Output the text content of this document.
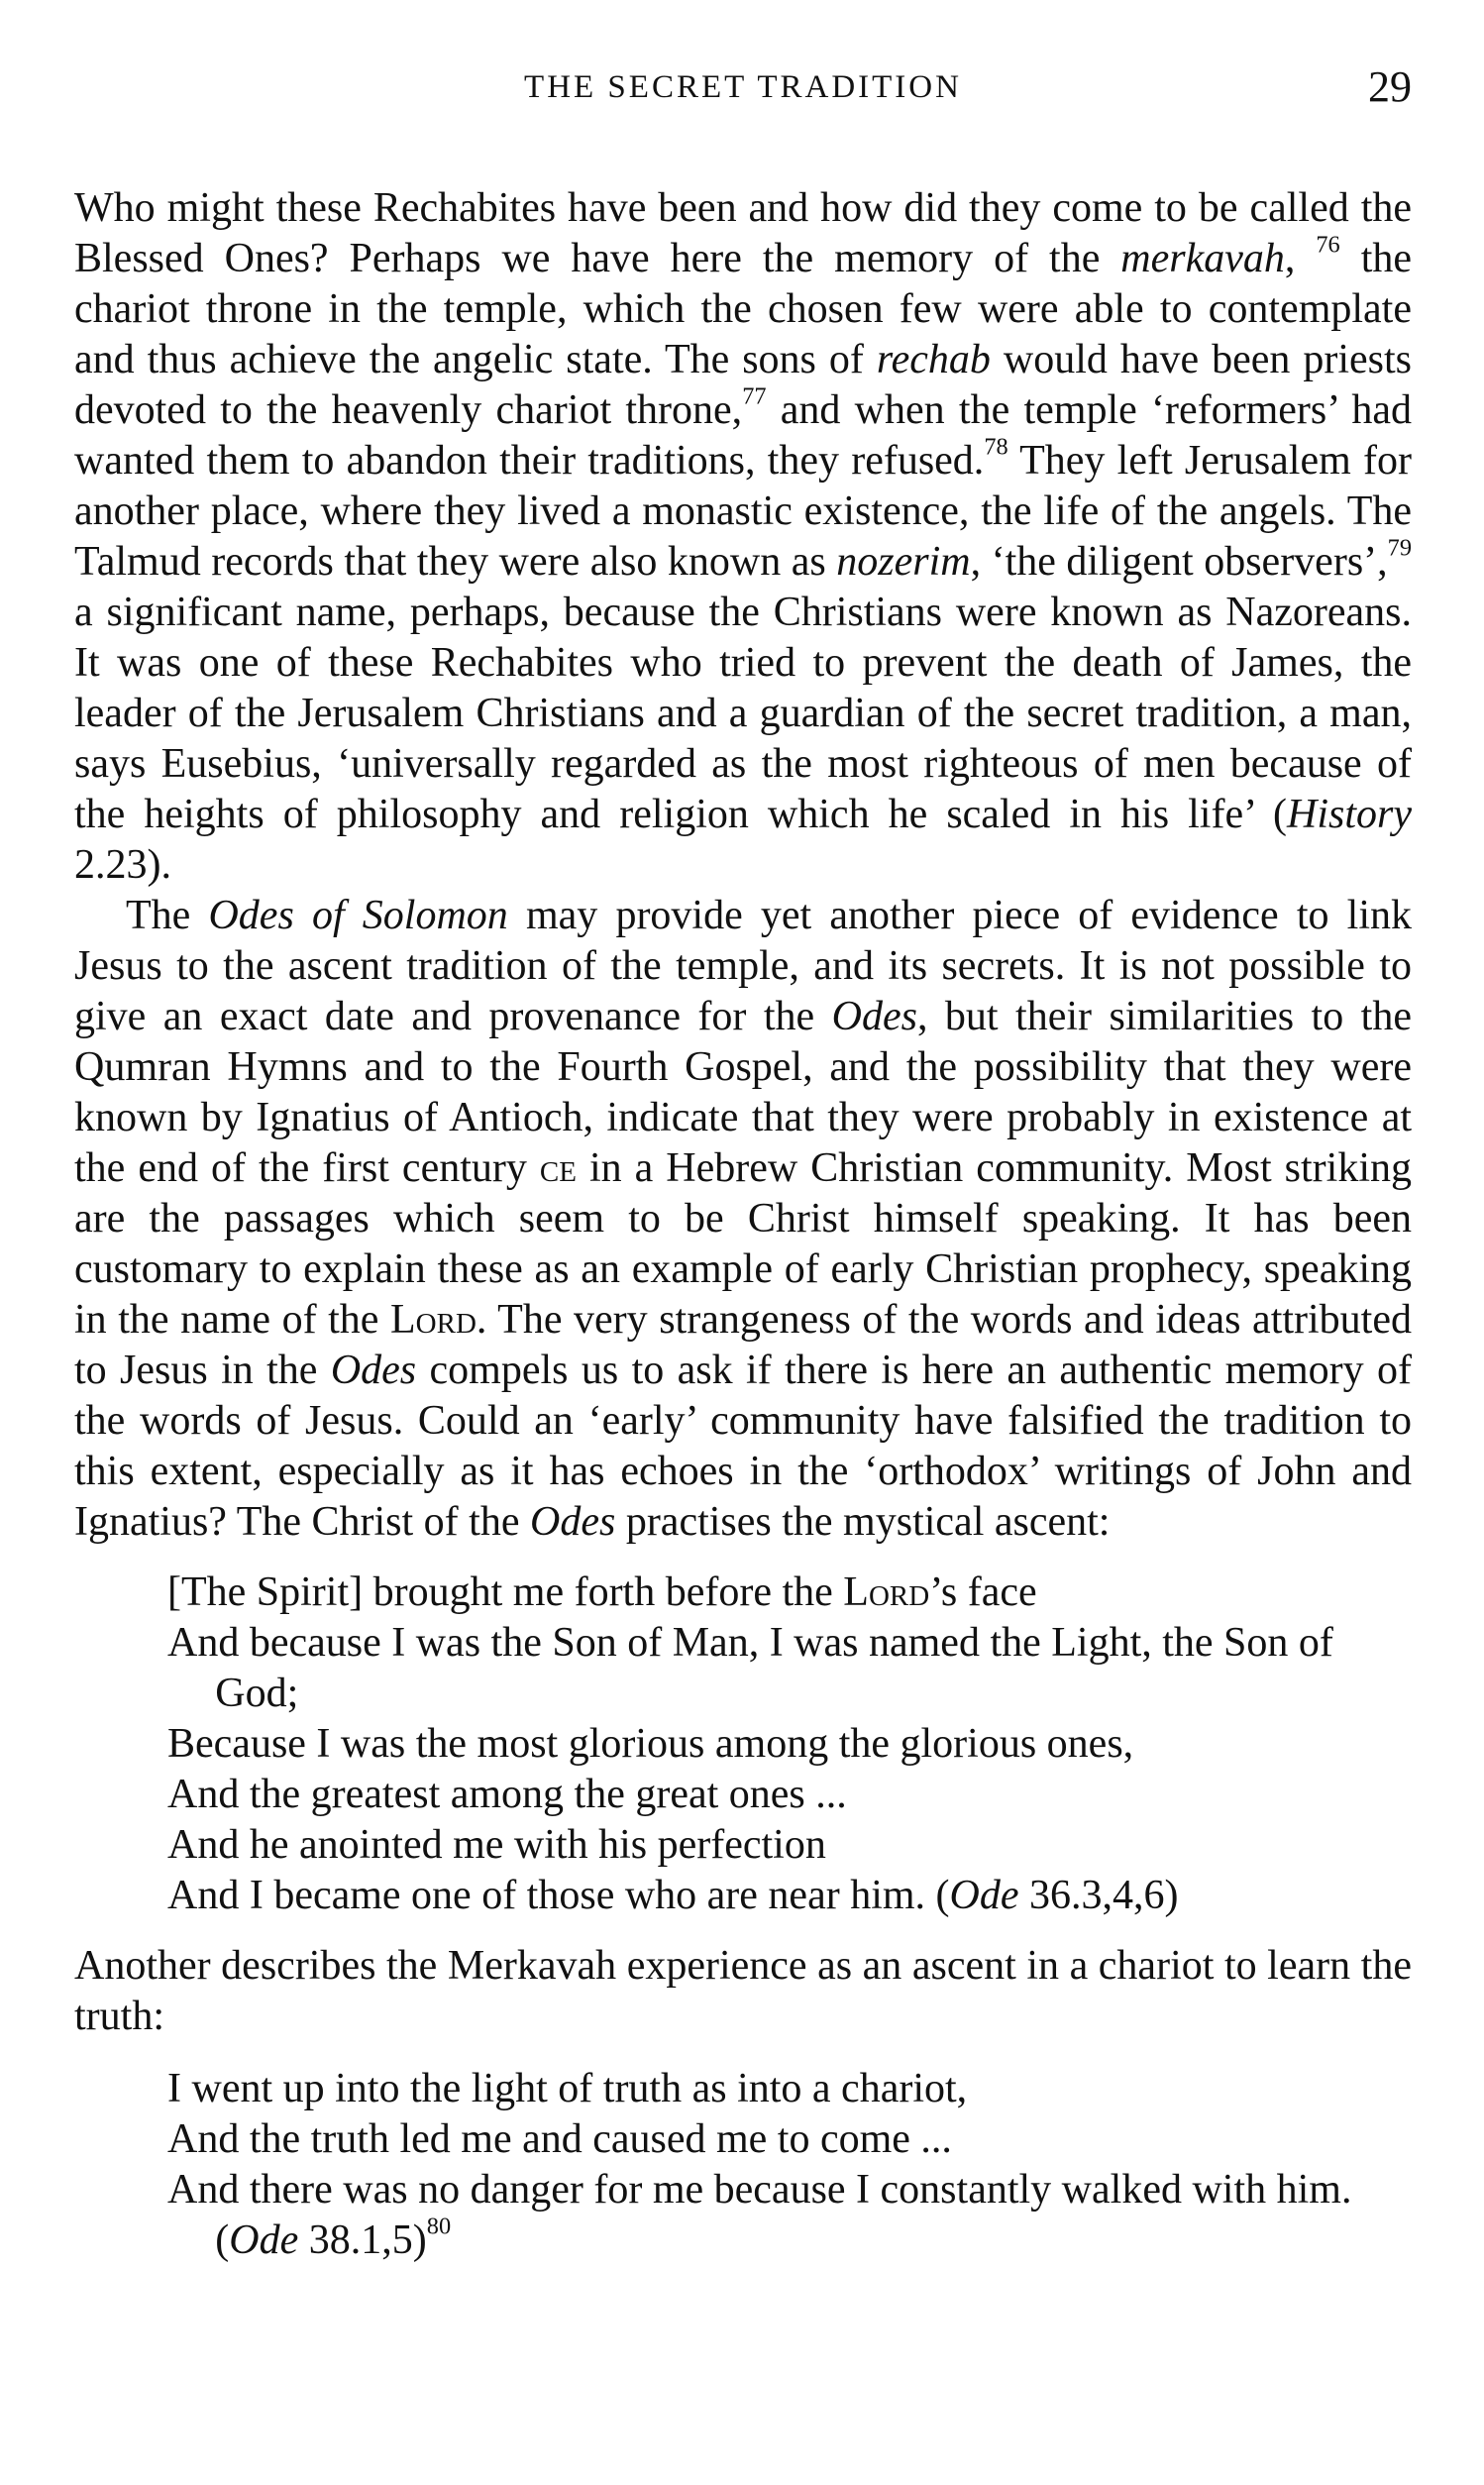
THE SECRET TRADITION	29

Who might these Rechabites have been and how did they come to be called the Blessed Ones? Perhaps we have here the memory of the merkavah, $^{76}$ the chariot throne in the temple, which the chosen few were able to contemplate and thus achieve the angelic state. The sons of rechab would have been priests devoted to the heavenly chariot throne,$^{77}$ and when the temple ‘reformers’ had wanted them to abandon their traditions, they refused.$^{78}$ They left Jerusalem for another place, where they lived a monastic existence, the life of the angels. The Talmud records that they were also known as nozerim, ‘the diligent observers’,$^{79}$ a significant name, perhaps, because the Christians were known as Nazoreans. It was one of these Rechabites who tried to prevent the death of James, the leader of the Jerusalem Christians and a guardian of the secret tradition, a man, says Eusebius, ‘universally regarded as the most righteous of men because of the heights of philosophy and religion which he scaled in his life’ (History 2.23).

The Odes of Solomon may provide yet another piece of evidence to link Jesus to the ascent tradition of the temple, and its secrets. It is not possible to give an exact date and provenance for the Odes, but their similarities to the Qumran Hymns and to the Fourth Gospel, and the possibility that they were known by Ignatius of Antioch, indicate that they were probably in existence at the end of the first century ce in a Hebrew Christian community. Most striking are the passages which seem to be Christ himself speaking. It has been customary to explain these as an example of early Christian prophecy, speaking in the name of the Lord. The very strangeness of the words and ideas attributed to Jesus in the Odes compels us to ask if there is here an authentic memory of the words of Jesus. Could an ‘early’ community have falsified the tradition to this extent, especially as it has echoes in the ‘orthodox’ writings of John and Ignatius? The Christ of the Odes practises the mystical ascent:

[The Spirit] brought me forth before the Lord’s face
And because I was the Son of Man, I was named the Light, the Son of God;
Because I was the most glorious among the glorious ones,
And the greatest among the great ones ...
And he anointed me with his perfection
And I became one of those who are near him. (Ode 36.3,4,6)

Another describes the Merkavah experience as an ascent in a chariot to learn the truth:

I went up into the light of truth as into a chariot,
And the truth led me and caused me to come ...
And there was no danger for me because I constantly walked with him. (Ode 38.1,5)$^{80}$
